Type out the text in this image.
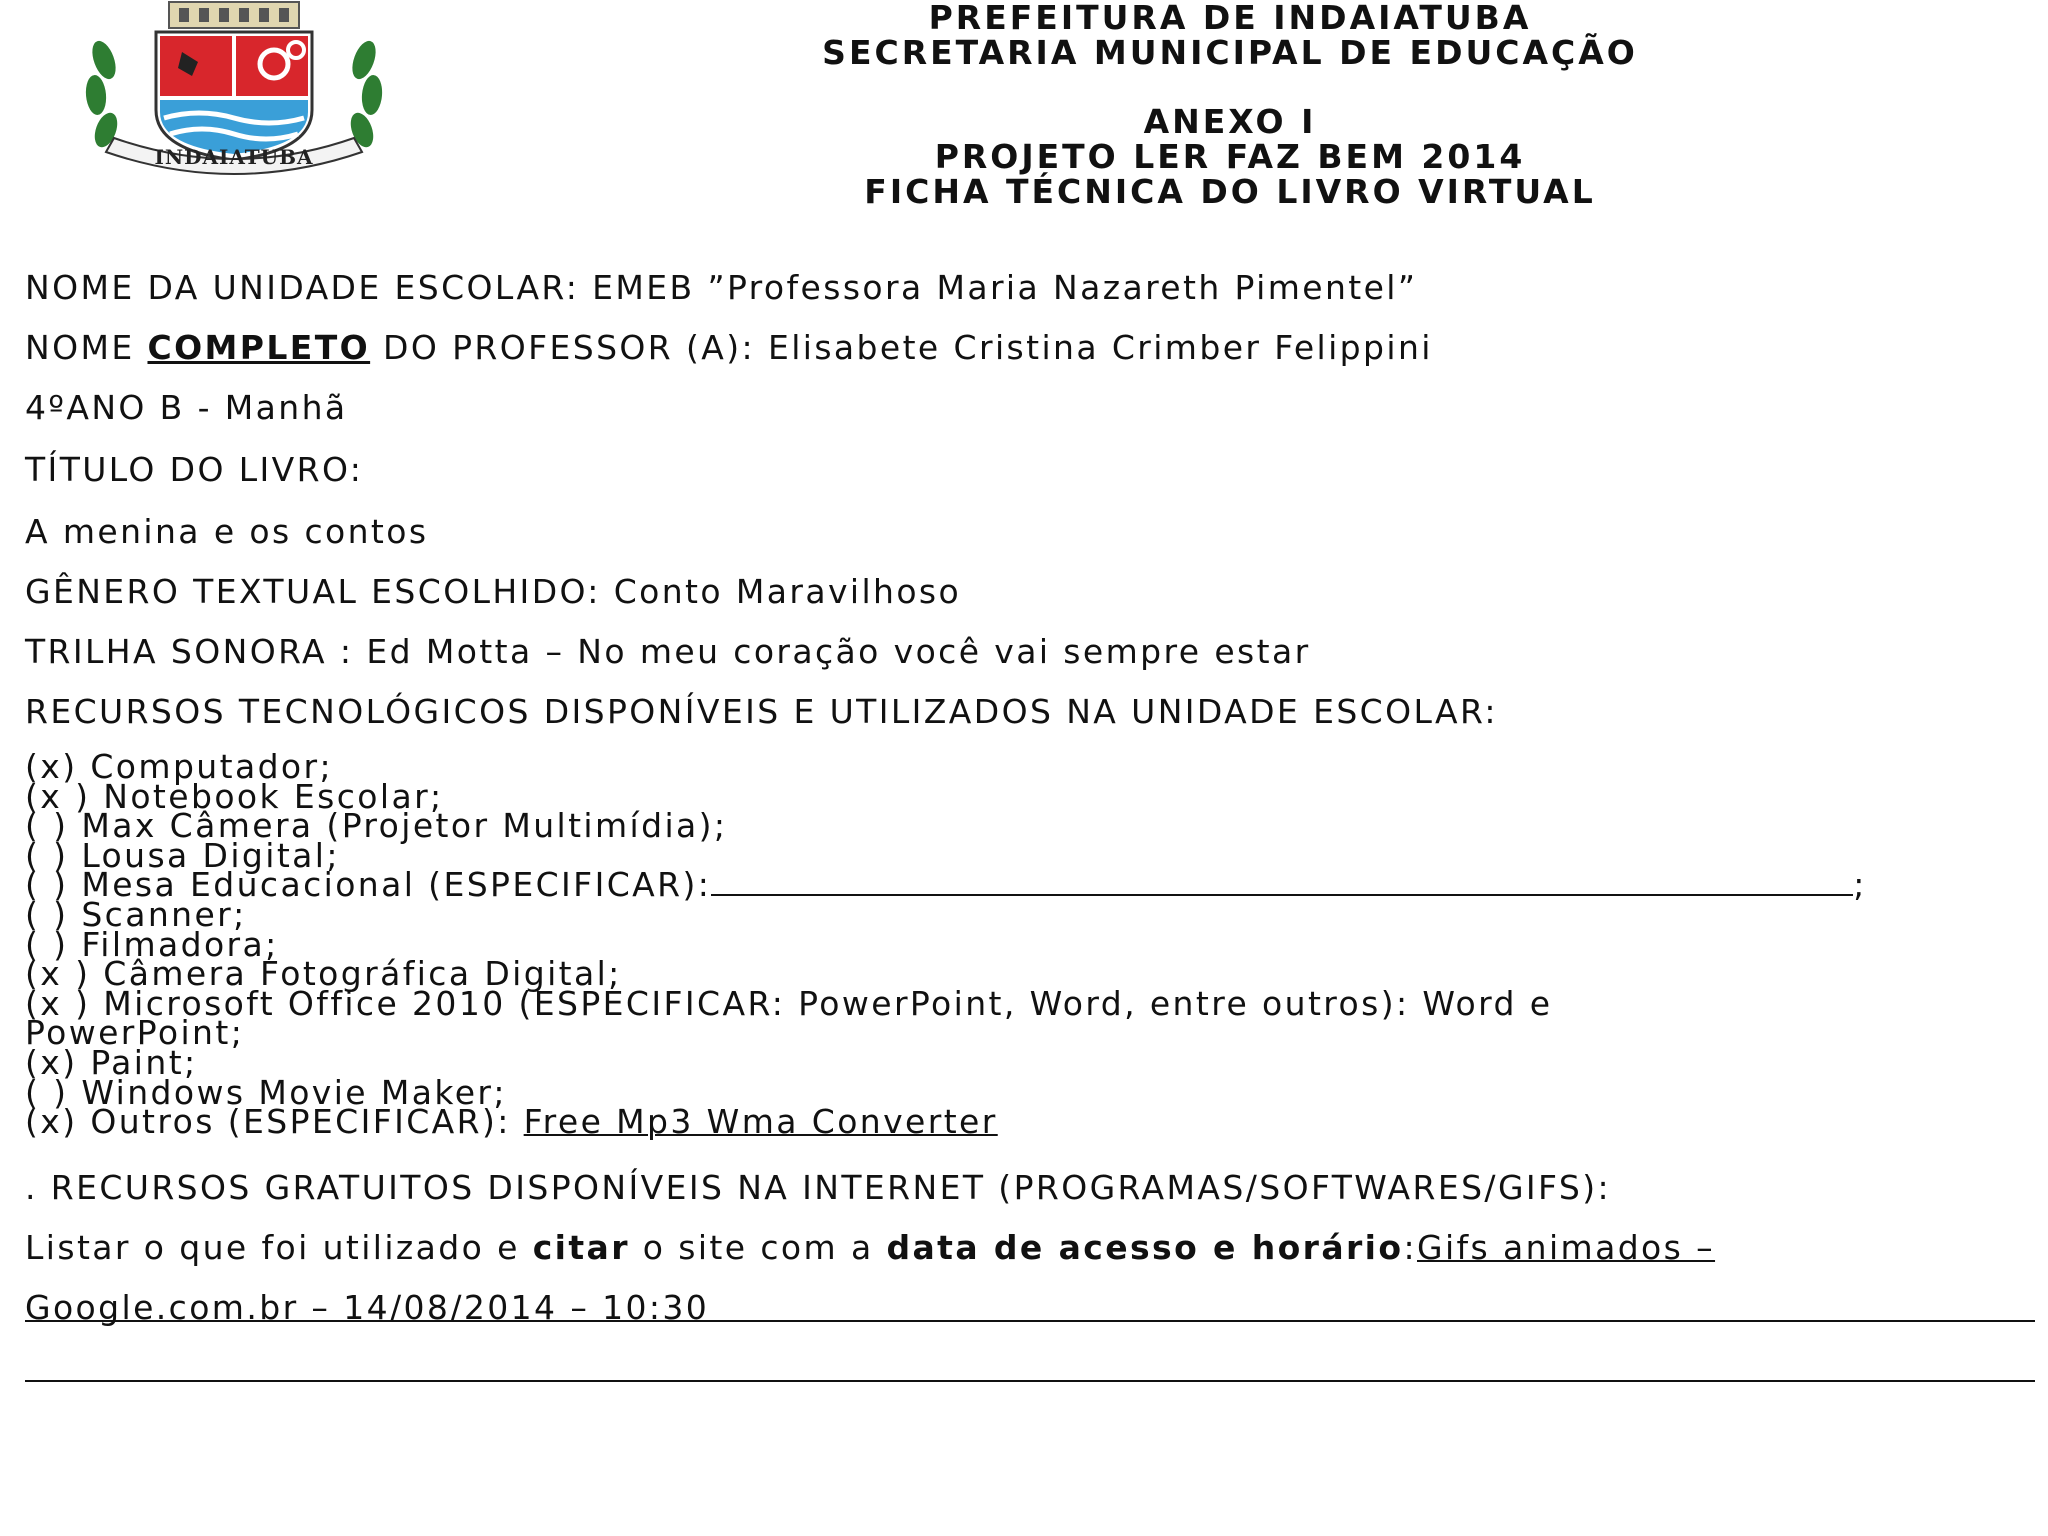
INDAIATUBA
PREFEITURA DE INDAIATUBA
SECRETARIA MUNICIPAL DE EDUCAÇÃO
ANEXO I
PROJETO LER FAZ BEM 2014
FICHA TÉCNICA DO LIVRO VIRTUAL
NOME DA UNIDADE ESCOLAR: EMEB ”Professora Maria Nazareth Pimentel”
NOME COMPLETO DO PROFESSOR (A): Elisabete Cristina Crimber Felippini
4ºANO B - Manhã
TÍTULO DO LIVRO:
A menina e os contos
GÊNERO TEXTUAL ESCOLHIDO: Conto Maravilhoso
TRILHA SONORA : Ed Motta – No meu coração você vai sempre estar
RECURSOS TECNOLÓGICOS DISPONÍVEIS E UTILIZADOS NA UNIDADE ESCOLAR:
(x) Computador;
(x ) Notebook Escolar;
( ) Max Câmera (Projetor Multimídia);
( ) Lousa Digital;
( ) Mesa Educacional (ESPECIFICAR):	;
( ) Scanner;
( ) Filmadora;
(x ) Câmera Fotográfica Digital;
(x ) Microsoft Office 2010 (ESPECIFICAR: PowerPoint, Word, entre outros): Word e
PowerPoint;
(x) Paint;
( ) Windows Movie Maker;
(x) Outros (ESPECIFICAR): Free Mp3 Wma Converter
. RECURSOS GRATUITOS DISPONÍVEIS NA INTERNET (PROGRAMAS/SOFTWARES/GIFS):
Listar o que foi utilizado e citar o site com a data de acesso e horário:Gifs animados –
Google.com.br – 14/08/2014 – 10:30
